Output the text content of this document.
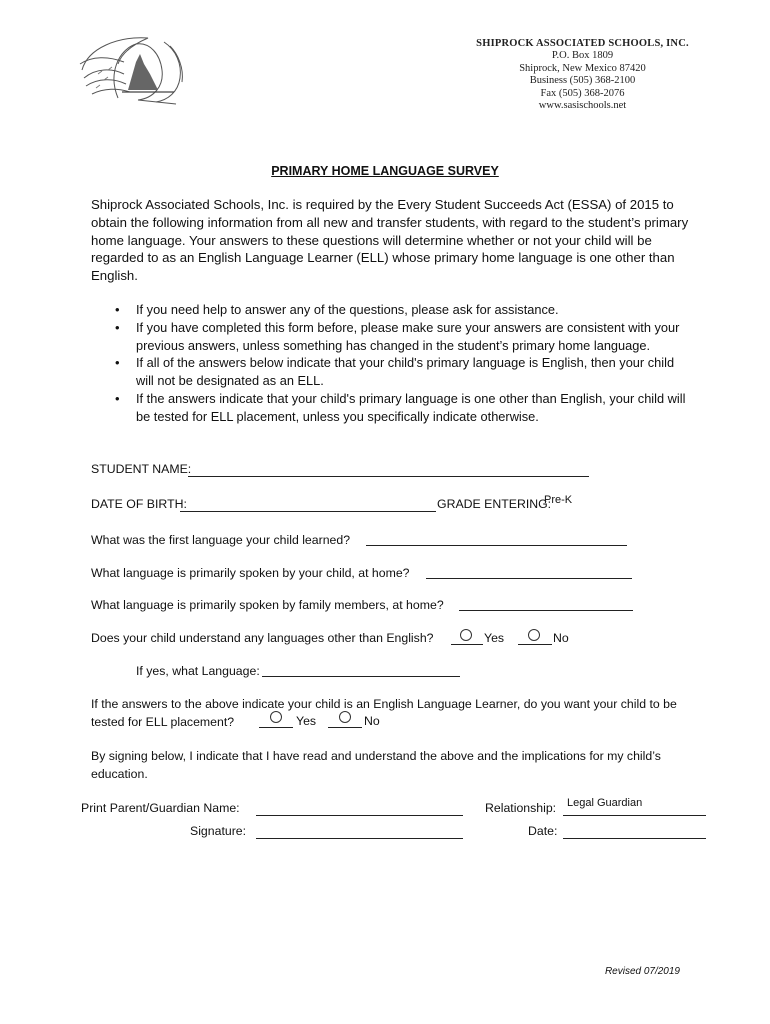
SHIPROCK ASSOCIATED SCHOOLS, INC.
P.O. Box 1809
Shiprock, New Mexico 87420
Business (505) 368-2100
Fax (505) 368-2076
www.sasischools.net
PRIMARY HOME LANGUAGE SURVEY

Shiprock Associated Schools, Inc. is required by the Every Student Succeeds Act (ESSA) of 2015 to obtain the following information from all new and transfer students, with regard to the student’s primary home language. Your answers to these questions will determine whether or not your child will be regarded to as an English Language Learner (ELL) whose primary home language is one other than English.

• If you need help to answer any of the questions, please ask for assistance.
• If you have completed this form before, please make sure your answers are consistent with your previous answers, unless something has changed in the student’s primary home language.
• If all of the answers below indicate that your child's primary language is English, then your child will not be designated as an ELL.
• If the answers indicate that your child's primary language is one other than English, your child will be tested for ELL placement, unless you specifically indicate otherwise.
STUDENT NAME:
DATE OF BIRTH:	GRADE ENTERING:
Pre-K
What was the first language your child learned?
What language is primarily spoken by your child, at home?
What language is primarily spoken by family members, at home?
Does your child understand any languages other than English?	Yes	No
If yes, what Language:
If the answers to the above indicate your child is an English Language Learner, do you want your child to be tested for ELL placement?	Yes	No
By signing below, I indicate that I have read and understand the above and the implications for my child’s education.
Print Parent/Guardian Name:	Relationship: Legal Guardian
Signature:	Date:
Revised 07/2019
